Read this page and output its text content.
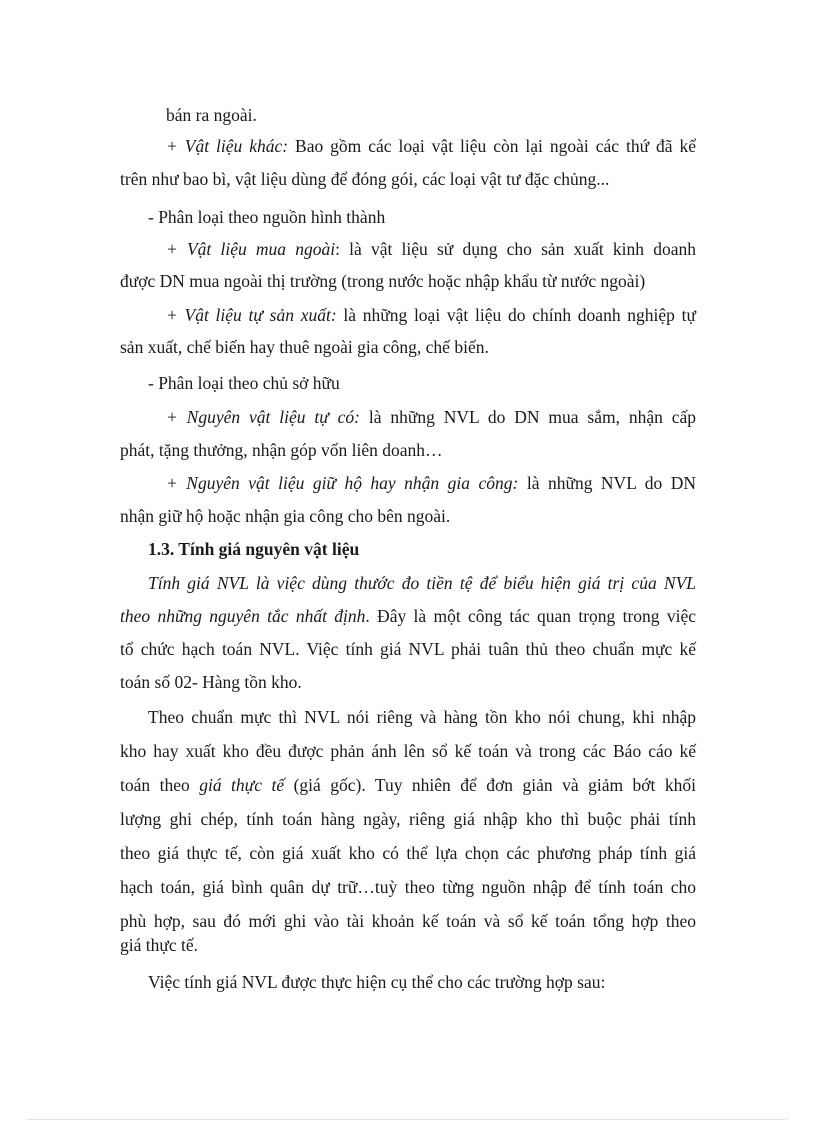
bán ra ngoài.

+ Vật liệu khác: Bao gồm các loại vật liệu còn lại ngoài các thứ đã kể

trên như bao bì, vật liệu dùng để đóng gói, các loại vật tư đặc chủng...

- Phân loại theo nguồn hình thành

+ Vật liệu mua ngoài: là vật liệu sử dụng cho sản xuất kinh doanh

được DN mua ngoài thị trường (trong nước hoặc nhập khẩu từ nước ngoài)

+ Vật liệu tự sản xuất: là những loại vật liệu do chính doanh nghiệp tự

sản xuất, chế biến hay thuê ngoài gia công, chế biến.

- Phân loại theo chủ sở hữu

+ Nguyên vật liệu tự có: là những NVL do DN mua sắm, nhận cấp

phát, tặng thưởng, nhận góp vốn liên doanh…

+ Nguyên vật liệu giữ hộ hay nhận gia công: là những NVL do DN

nhận giữ hộ hoặc nhận gia công cho bên ngoài.

1.3. Tính giá nguyên vật liệu

Tính giá NVL là việc dùng thước đo tiền tệ để biểu hiện giá trị của NVL

theo những nguyên tắc nhất định. Đây là một công tác quan trọng trong việc

tổ chức hạch toán NVL. Việc tính giá NVL phải tuân thủ theo chuẩn mực kế

toán số 02- Hàng tồn kho.

Theo chuẩn mực thì NVL nói riêng và hàng tồn kho nói chung, khi nhập

kho hay xuất kho đều được phản ánh lên sổ kế toán và trong các Báo cáo kế

toán theo giá thực tế (giá gốc). Tuy nhiên để đơn giản và giảm bớt khối

lượng ghi chép, tính toán hàng ngày, riêng giá nhập kho thì buộc phải tính

theo giá thực tế, còn giá xuất kho có thể lựa chọn các phương pháp tính giá

hạch toán, giá bình quân dự trữ…tuỳ theo từng nguồn nhập để tính toán cho

phù hợp, sau đó mới ghi vào tài khoản kế toán và sổ kế toán tổng hợp theo

giá thực tế.

Việc tính giá NVL được thực hiện cụ thể cho các trường hợp sau:
